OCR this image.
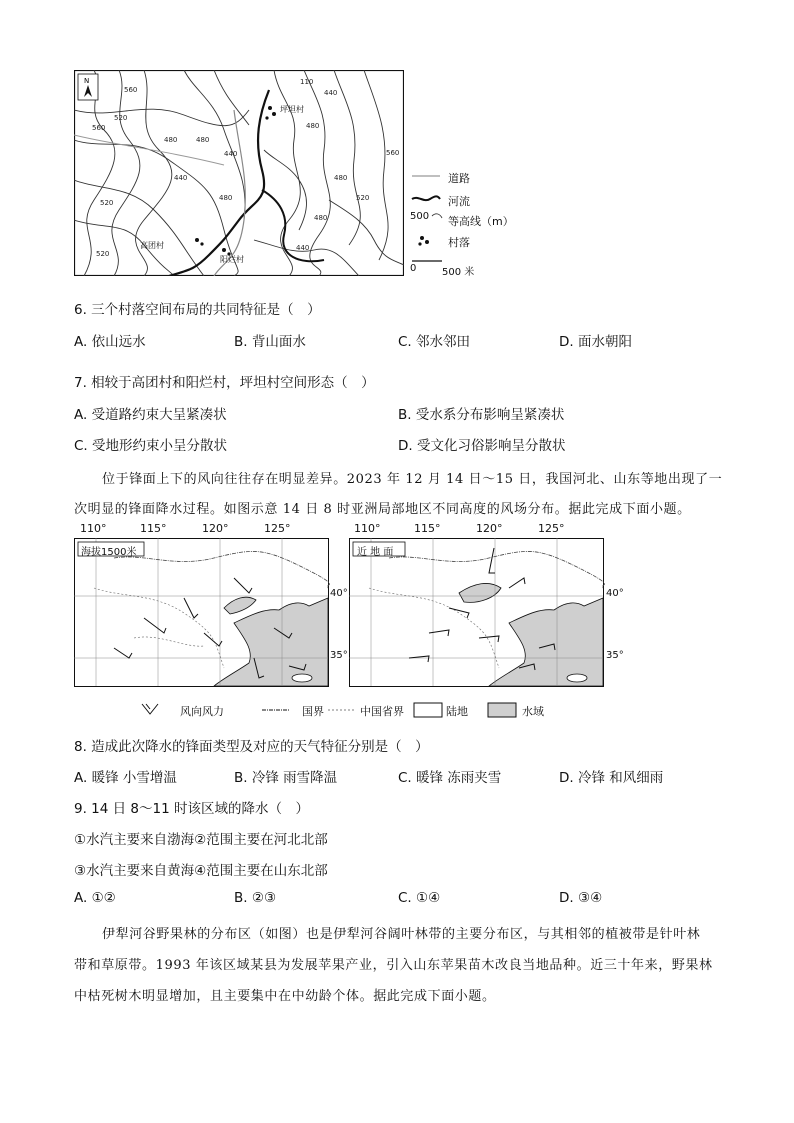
N
560
560
520
480	480
440
440
480
480
440
520
560
520
480
440
110
480
520
坪坦村
高团村
阳烂村
道路
河流
500 等高线（m）
村落
0	500 米
6. 三个村落空间布局的共同特征是（　）
A. 依山远水	B. 背山面水	C. 邻水邻田	D. 面水朝阳
7. 相较于高团村和阳烂村，坪坦村空间形态（　）
A. 受道路约束大呈紧凑状	B. 受水系分布影响呈紧凑状
C. 受地形约束小呈分散状	D. 受文化习俗影响呈分散状
位于锋面上下的风向往往存在明显差异。2023 年 12 月 14 日～15 日，我国河北、山东等地出现了一
次明显的锋面降水过程。如图示意 14 日 8 时亚洲局部地区不同高度的风场分布。据此完成下面小题。
110°	115°	120°	125°	110°	115°	120°	125°
海拔1500米	近 地 面
40°
35°
40°
35°
风向风力	国界	中国省界	陆地	水域
8. 造成此次降水的锋面类型及对应的天气特征分别是（　）
A. 暖锋 小雪增温	B. 冷锋 雨雪降温	C. 暖锋 冻雨夹雪	D. 冷锋 和风细雨
9. 14 日 8～11 时该区域的降水（　）
①水汽主要来自渤海②范围主要在河北北部
③水汽主要来自黄海④范围主要在山东北部
A. ①②	B. ②③	C. ①④	D. ③④
伊犁河谷野果林的分布区（如图）也是伊犁河谷阔叶林带的主要分布区，与其相邻的植被带是针叶林
带和草原带。1993 年该区域某县为发展苹果产业，引入山东苹果苗木改良当地品种。近三十年来，野果林
中枯死树木明显增加，且主要集中在中幼龄个体。据此完成下面小题。
